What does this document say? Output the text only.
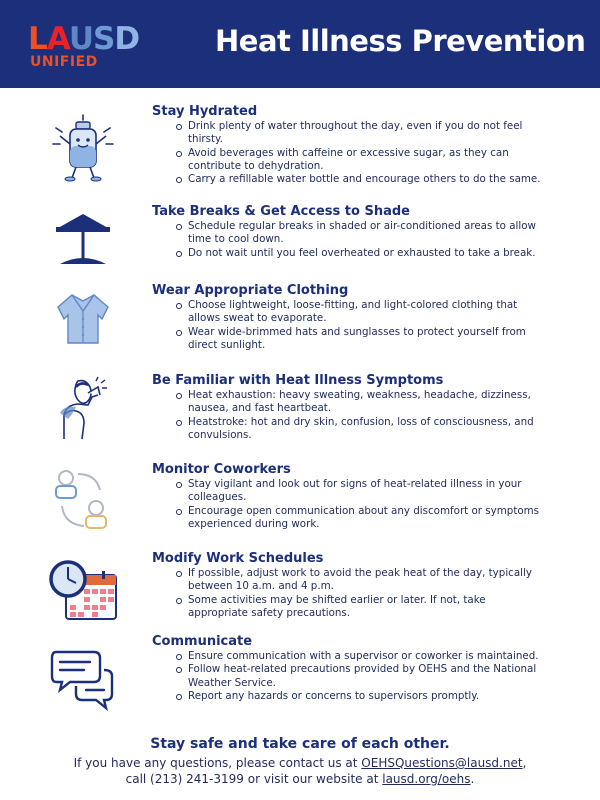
LAUSD
UNIFIED
Heat Illness Prevention
Stay Hydrated
Drink plenty of water throughout the day, even if you do not feel thirsty.
Avoid beverages with caffeine or excessive sugar, as they can contribute to dehydration.
Carry a refillable water bottle and encourage others to do the same.
Take Breaks & Get Access to Shade
Schedule regular breaks in shaded or air-conditioned areas to allow time to cool down.
Do not wait until you feel overheated or exhausted to take a break.
Wear Appropriate Clothing
Choose lightweight, loose-fitting, and light-colored clothing that allows sweat to evaporate.
Wear wide-brimmed hats and sunglasses to protect yourself from direct sunlight.
Be Familiar with Heat Illness Symptoms
Heat exhaustion: heavy sweating, weakness, headache, dizziness, nausea, and fast heartbeat.
Heatstroke: hot and dry skin, confusion, loss of consciousness, and convulsions.
Monitor Coworkers
Stay vigilant and look out for signs of heat-related illness in your colleagues.
Encourage open communication about any discomfort or symptoms experienced during work.
Modify Work Schedules
If possible, adjust work to avoid the peak heat of the day, typically between 10 a.m. and 4 p.m.
Some activities may be shifted earlier or later. If not, take appropriate safety precautions.
Communicate
Ensure communication with a supervisor or coworker is maintained.
Follow heat-related precautions provided by OEHS and the National Weather Service.
Report any hazards or concerns to supervisors promptly.
Stay safe and take care of each other.
If you have any questions, please contact us at OEHSQuestions@lausd.net,
call (213) 241-3199 or visit our website at lausd.org/oehs.
